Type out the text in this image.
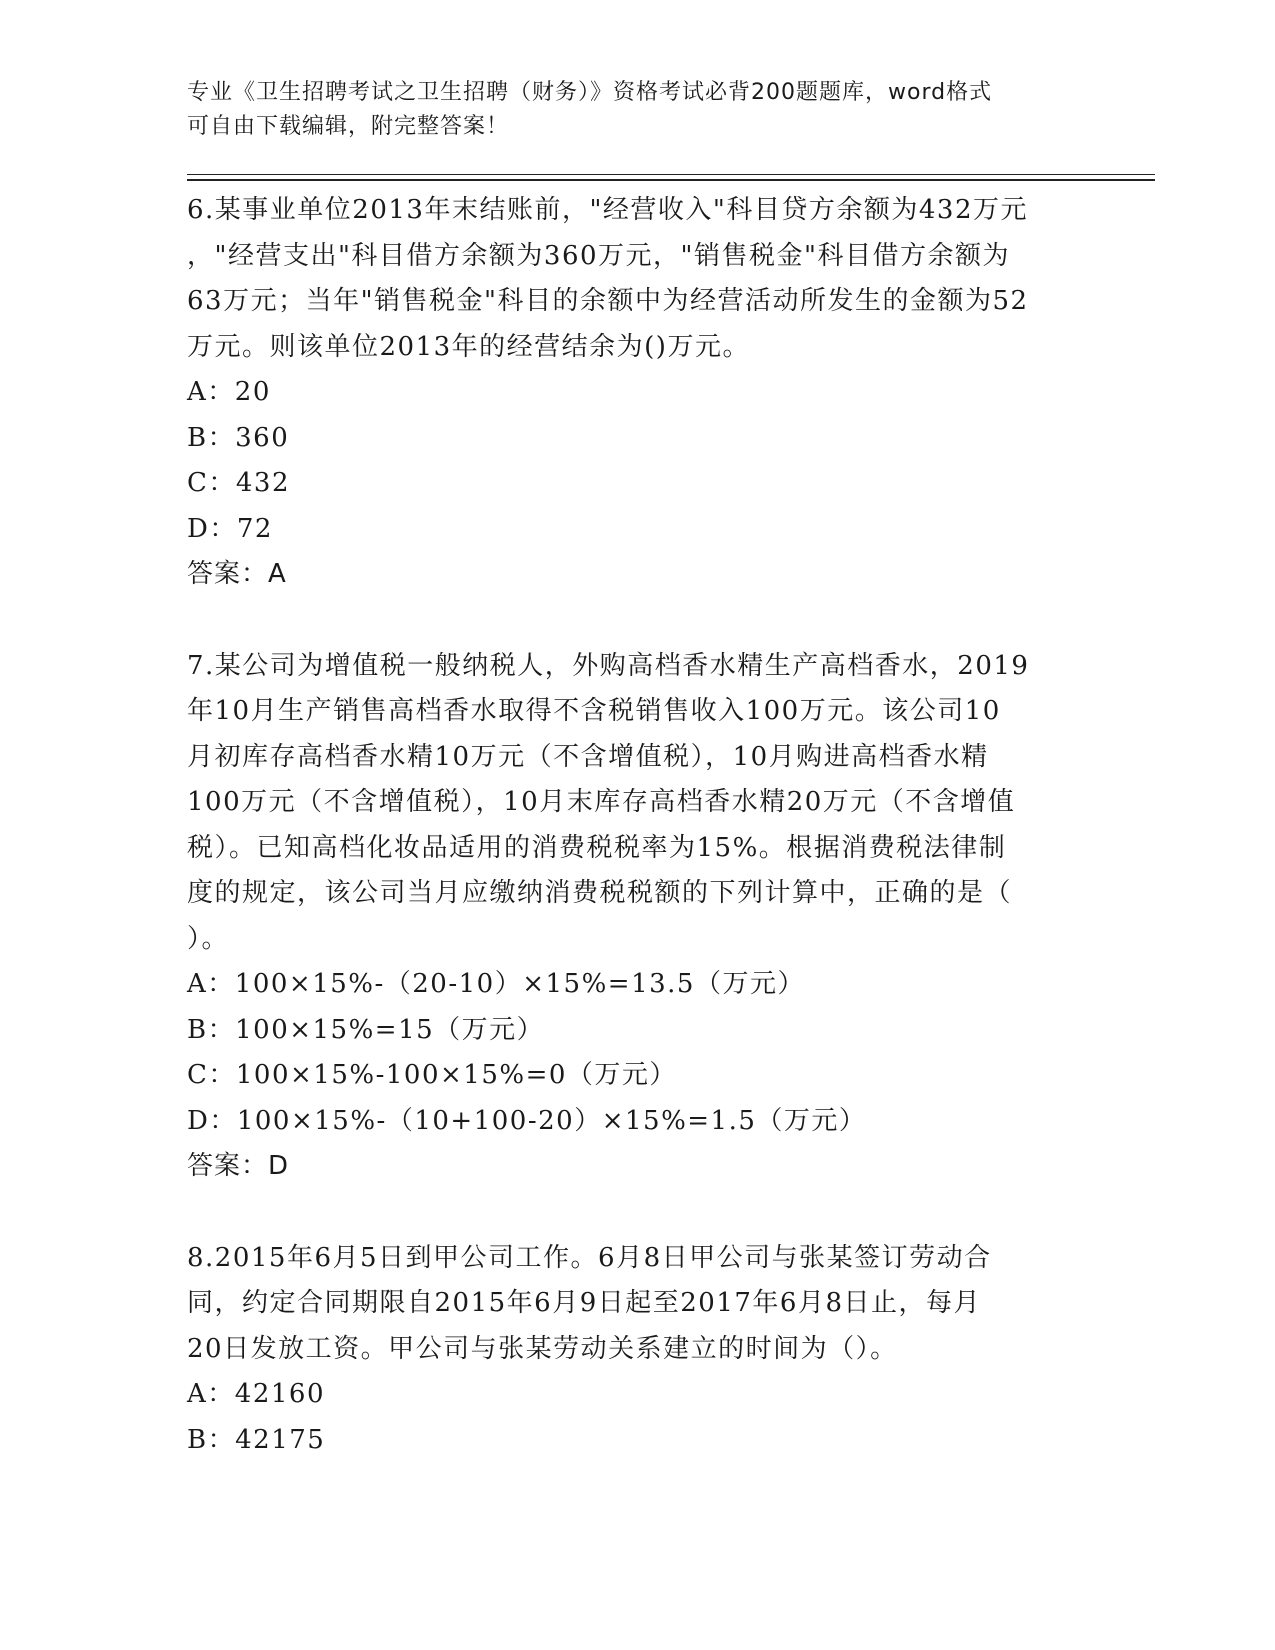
专业《卫生招聘考试之卫生招聘（财务）》资格考试必背200题题库，word格式
可自由下载编辑，附完整答案！
6.某事业单位2013年末结账前，"经营收入"科目贷方余额为432万元
，"经营支出"科目借方余额为360万元，"销售税金"科目借方余额为
63万元；当年"销售税金"科目的余额中为经营活动所发生的金额为52
万元。则该单位2013年的经营结余为()万元。
A：20
B：360
C：432
D：72
答案：A
7.某公司为增值税一般纳税人，外购高档香水精生产高档香水，2019
年10月生产销售高档香水取得不含税销售收入100万元。该公司10
月初库存高档香水精10万元（不含增值税），10月购进高档香水精
100万元（不含增值税），10月末库存高档香水精20万元（不含增值
税）。已知高档化妆品适用的消费税税率为15%。根据消费税法律制
度的规定，该公司当月应缴纳消费税税额的下列计算中，正确的是（
）。
A：100×15%-（20-10）×15%=13.5（万元）
B：100×15%=15（万元）
C：100×15%-100×15%=0（万元）
D：100×15%-（10+100-20）×15%=1.5（万元）
答案：D
8.2015年6月5日到甲公司工作。6月8日甲公司与张某签订劳动合
同，约定合同期限自2015年6月9日起至2017年6月8日止，每月
20日发放工资。甲公司与张某劳动关系建立的时间为（）。
A：42160
B：42175
